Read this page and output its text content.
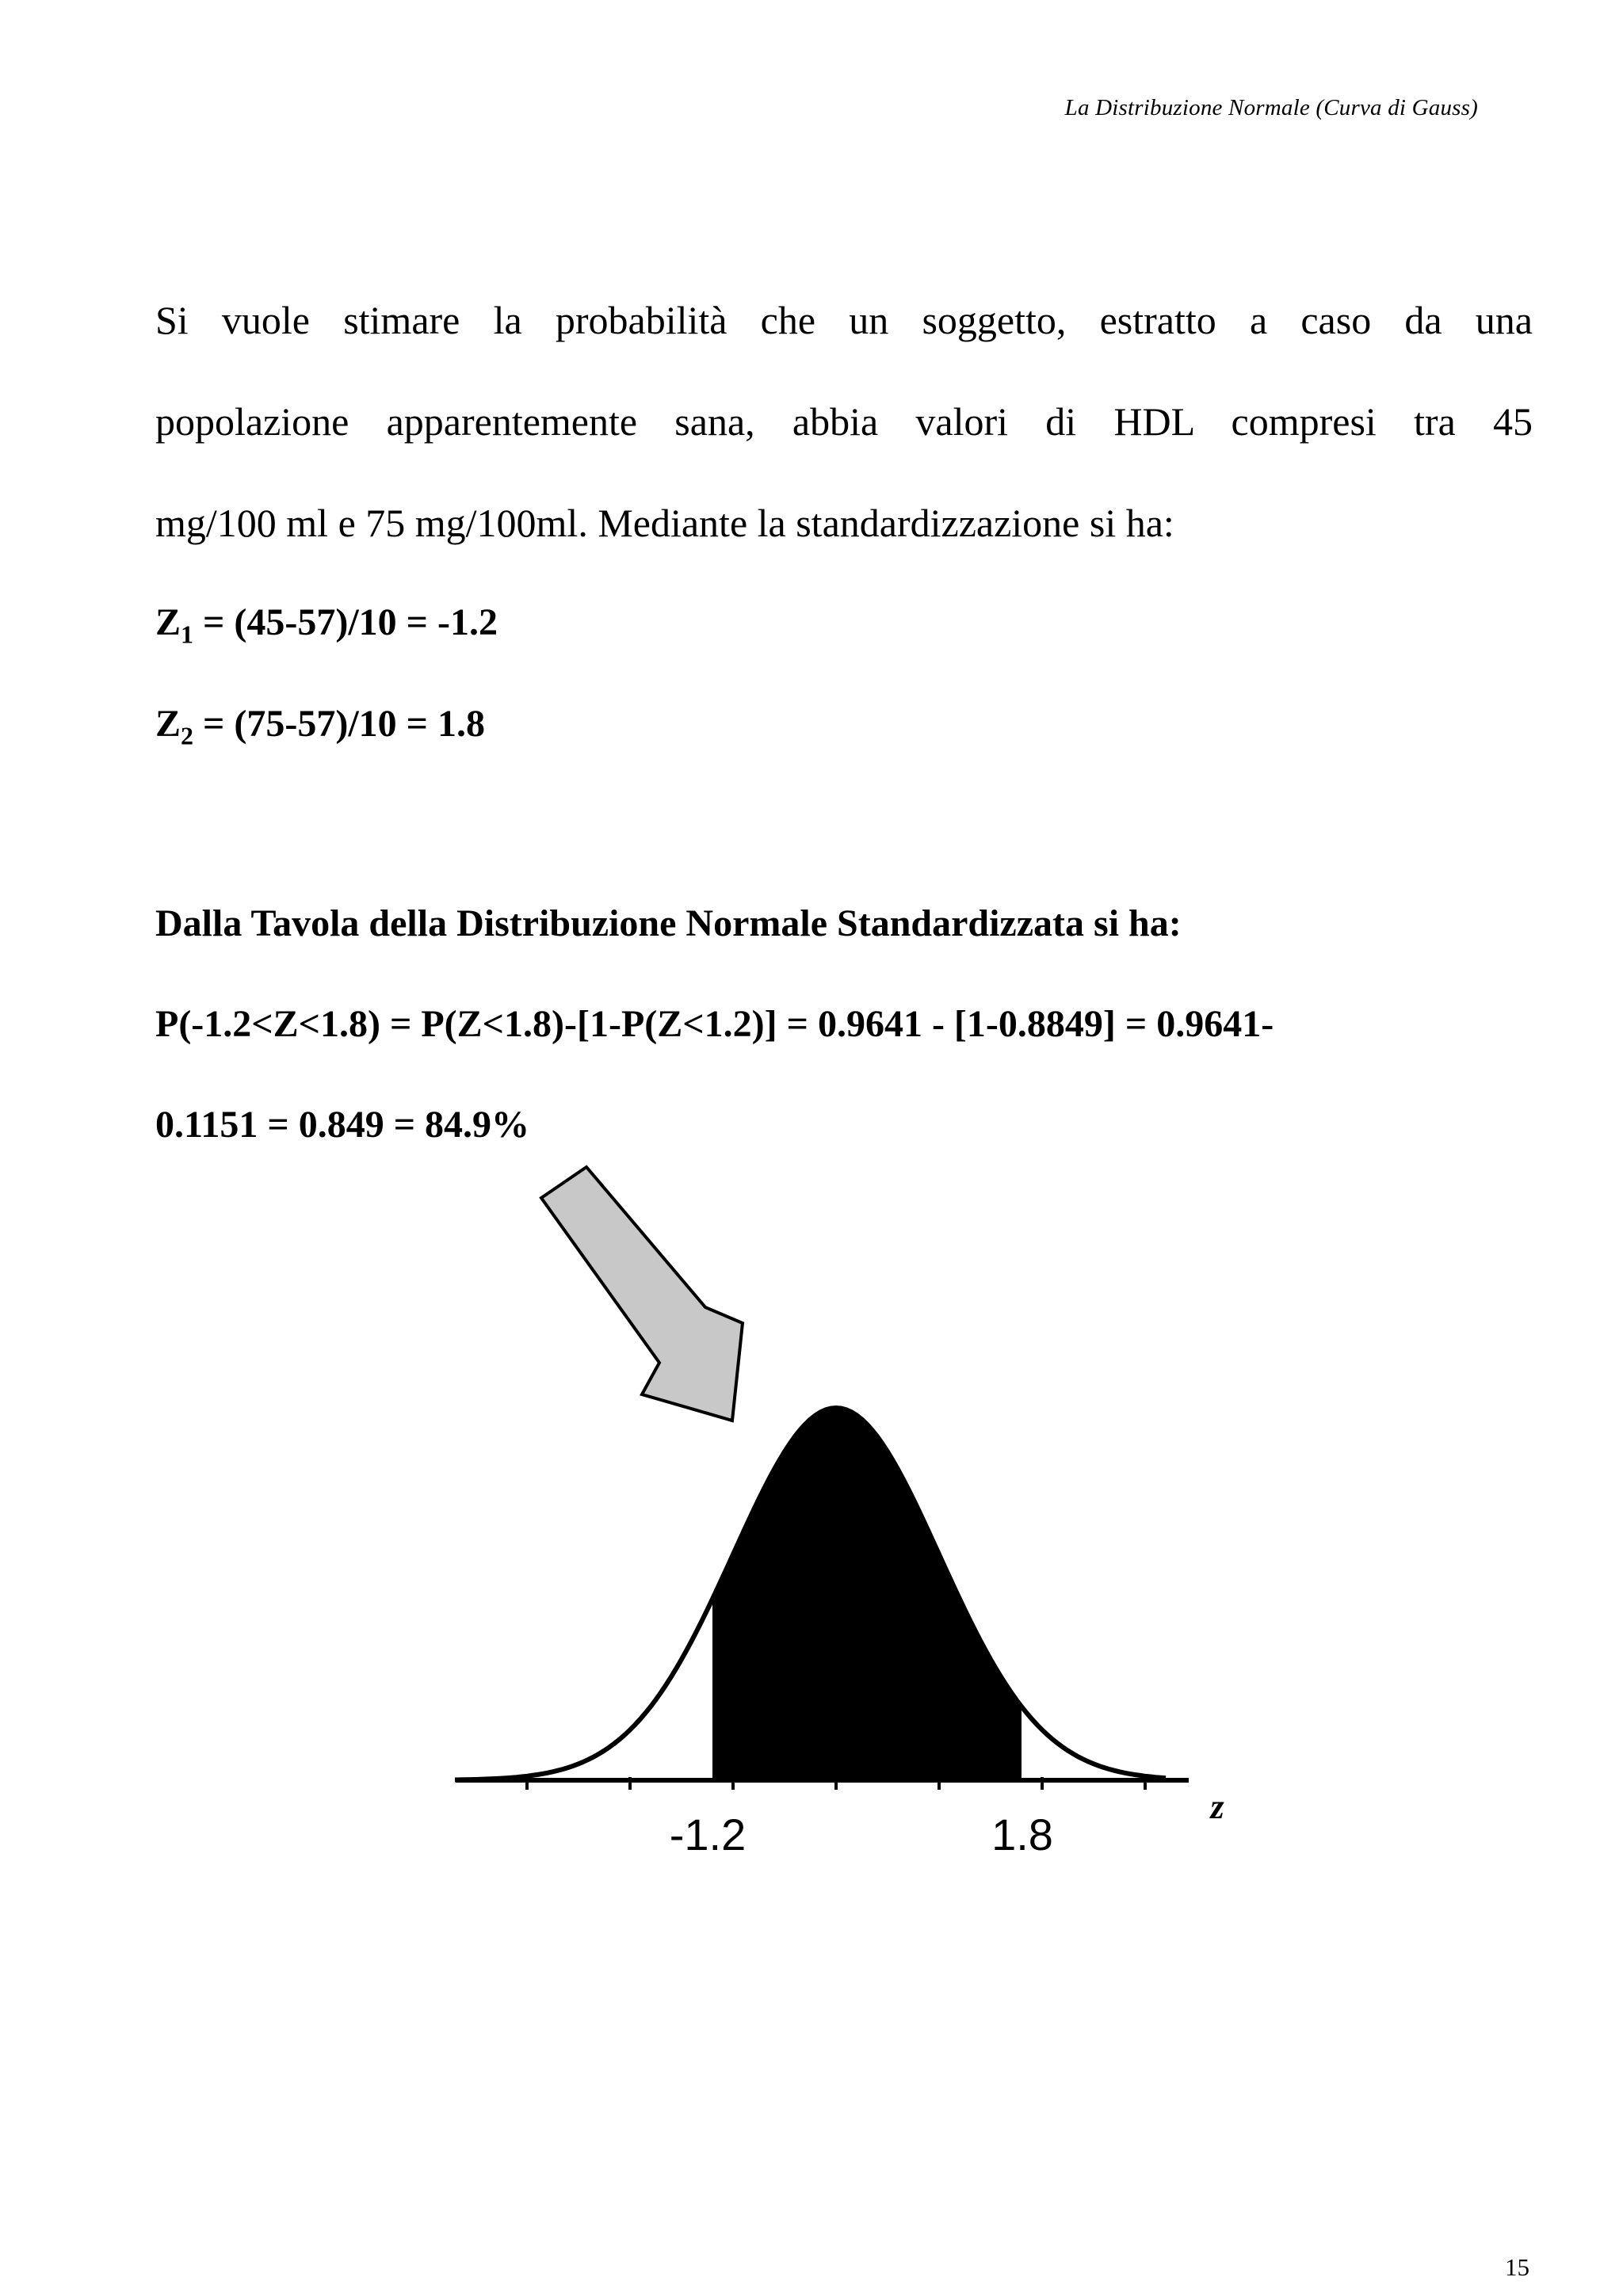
La Distribuzione Normale (Curva di Gauss)
Si vuole stimare la probabilità che un soggetto, estratto a caso da una
popolazione apparentemente sana, abbia valori di HDL compresi tra 45
mg/100 ml e 75 mg/100ml. Mediante la standardizzazione si ha:
$Z_1 = (45-57)/10 = -1.2$
$Z_2 = (75-57)/10 = 1.8$
Dalla Tavola della Distribuzione Normale Standardizzata si ha:
P(-1.2<Z<1.8) = P(Z<1.8)-[1-P(Z<1.2)] = 0.9641 - [1-0.8849] = 0.9641-
0.1151 = 0.849 = 84.9%
-1.2	1.8
z
15
